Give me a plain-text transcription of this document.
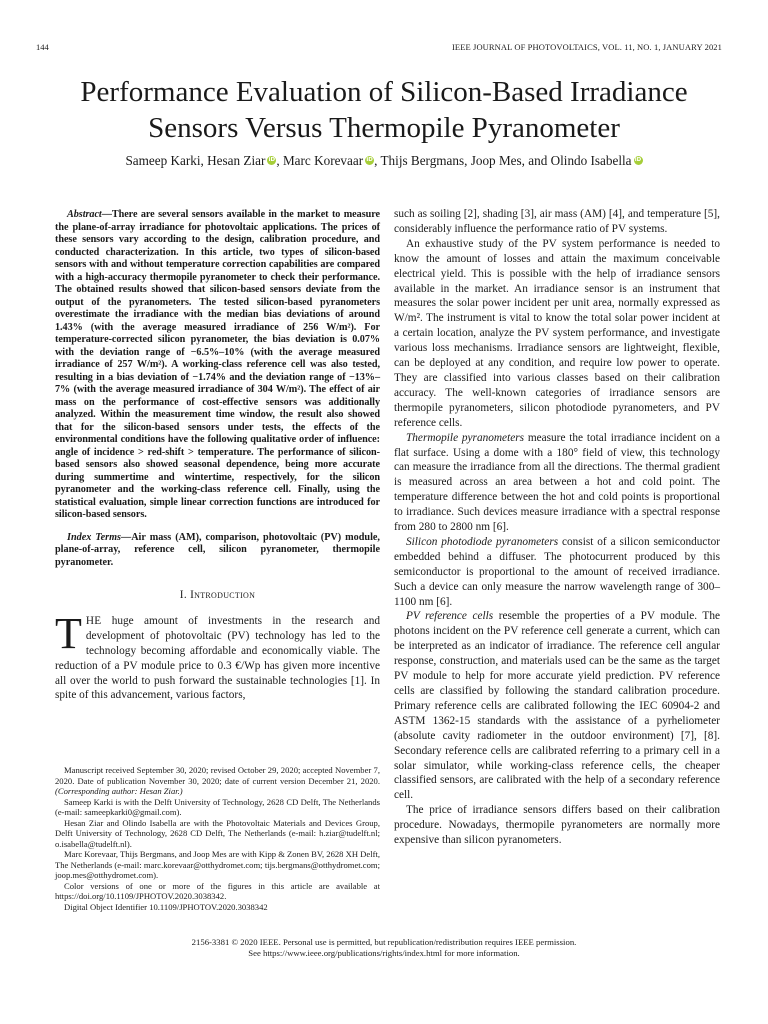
144	IEEE JOURNAL OF PHOTOVOLTAICS, VOL. 11, NO. 1, JANUARY 2021
Performance Evaluation of Silicon-Based Irradiance
Sensors Versus Thermopile Pyranometer
Sameep Karki, Hesan Ziar iD, Marc Korevaar iD, Thijs Bergmans, Joop Mes, and Olindo Isabella iD

Abstract—There are several sensors available in the market to measure the plane-of-array irradiance for photovoltaic applications. The prices of these sensors vary according to the design, calibration procedure, and conducted characterization. In this article, two types of silicon-based sensors with and without temperature correction capabilities are compared with a high-accuracy thermopile pyranometer to check their performance. The obtained results showed that silicon-based sensors deviate from the output of the pyranometers. The tested silicon-based pyranometers overestimate the irradiance with the median bias deviations of around 1.43% (with the average measured irradiance of 256 W/m²). For temperature-corrected silicon pyranometer, the bias deviation is 0.07% with the deviation range of −6.5%–10% (with the average measured irradiance of 257 W/m²). A working-class reference cell was also tested, resulting in a bias deviation of −1.74% and the deviation range of −13%–7% (with the average measured irradiance of 304 W/m²). The effect of air mass on the performance of cost-effective sensors was additionally analyzed. Within the measurement time window, the result also showed that for the silicon-based sensors under tests, the effects of the environmental conditions have the following qualitative order of influence: angle of incidence > red-shift > temperature. The performance of silicon-based sensors also showed seasonal dependence, being more accurate during summertime and wintertime, respectively, for the silicon pyranometer and the working-class reference cell. Finally, using the statistical evaluation, simple linear correction functions are introduced for silicon-based sensors.

Index Terms—Air mass (AM), comparison, photovoltaic (PV) module, plane-of-array, reference cell, silicon pyranometer, thermopile pyranometer.

I. Introduction

THE huge amount of investments in the research and development of photovoltaic (PV) technology has led to the technology becoming affordable and economically viable. The reduction of a PV module price to 0.3 €/Wp has given more incentive all over the world to push forward the sustainable technologies [1]. In spite of this advancement, various factors,

Manuscript received September 30, 2020; revised October 29, 2020; accepted November 7, 2020. Date of publication November 30, 2020; date of current version December 21, 2020. (Corresponding author: Hesan Ziar.)

Sameep Karki is with the Delft University of Technology, 2628 CD Delft, The Netherlands (e-mail: sameepkarki0@gmail.com).

Hesan Ziar and Olindo Isabella are with the Photovoltaic Materials and Devices Group, Delft University of Technology, 2628 CD Delft, The Netherlands (e-mail: h.ziar@tudelft.nl; o.isabella@tudelft.nl).

Marc Korevaar, Thijs Bergmans, and Joop Mes are with Kipp & Zonen BV, 2628 XH Delft, The Netherlands (e-mail: marc.korevaar@otthydromet.com; tijs.bergmans@otthydromet.com; joop.mes@otthydromet.com).

Color versions of one or more of the figures in this article are available at https://doi.org/10.1109/JPHOTOV.2020.3038342.

Digital Object Identifier 10.1109/JPHOTOV.2020.3038342

such as soiling [2], shading [3], air mass (AM) [4], and temperature [5], considerably influence the performance ratio of PV systems.

An exhaustive study of the PV system performance is needed to know the amount of losses and attain the maximum conceivable electrical yield. This is possible with the help of irradiance sensors available in the market. An irradiance sensor is an instrument that measures the solar power incident per unit area, normally expressed as W/m². The instrument is vital to know the total solar power incident at a certain location, analyze the PV system performance, and investigate various loss mechanisms. Irradiance sensors are lightweight, flexible, can be deployed at any condition, and require low power to operate. They are classified into various classes based on their calibration accuracy. The well-known categories of irradiance sensors are thermopile pyranometers, silicon photodiode pyranometers, and PV reference cells.

Thermopile pyranometers measure the total irradiance incident on a flat surface. Using a dome with a 180° field of view, this technology can measure the irradiance from all the directions. The thermal gradient is measured across an area between a hot and cold point. The temperature difference between the hot and cold points is proportional to irradiance. Such devices measure irradiance with a spectral response from 280 to 2800 nm [6].

Silicon photodiode pyranometers consist of a silicon semiconductor embedded behind a diffuser. The photocurrent produced by this semiconductor is proportional to the amount of received irradiance. Such a device can only measure the narrow wavelength range of 300–1100 nm [6].

PV reference cells resemble the properties of a PV module. The photons incident on the PV reference cell generate a current, which can be interpreted as an indicator of irradiance. The reference cell angular response, construction, and materials used can be the same as the target PV module to help for more accurate yield prediction. PV reference cells are classified by following the standard calibration procedure. Primary reference cells are calibrated following the IEC 60904-2 and ASTM 1362-15 standards with the assistance of a pyrheliometer (absolute cavity radiometer in the outdoor environment) [7], [8]. Secondary reference cells are calibrated referring to a primary cell in a solar simulator, while working-class reference cells, the cheaper classified sensors, are calibrated with the help of a secondary reference cell.

The price of irradiance sensors differs based on their calibration procedure. Nowadays, thermopile pyranometers are normally more expensive than silicon pyranometers.

2156-3381 © 2020 IEEE. Personal use is permitted, but republication/redistribution requires IEEE permission.
See https://www.ieee.org/publications/rights/index.html for more information.
